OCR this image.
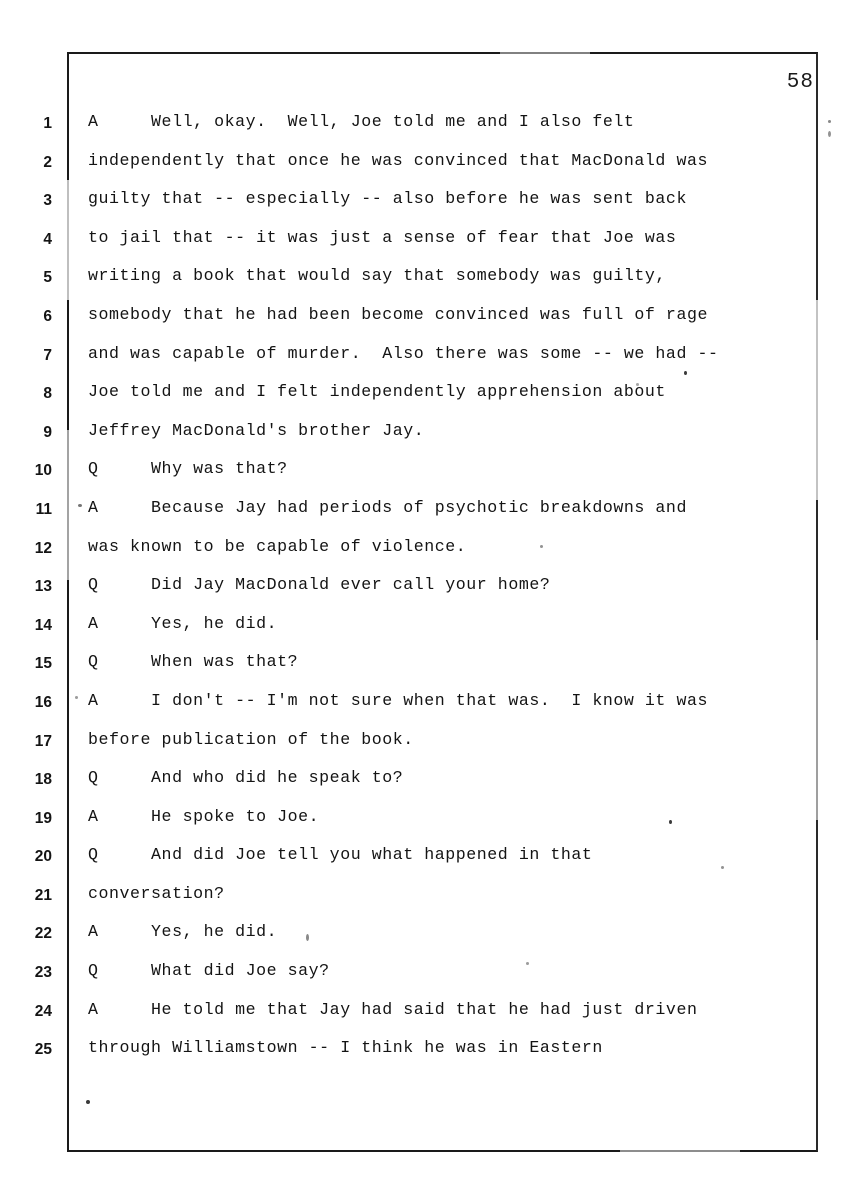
58
1 A     Well, okay.  Well, Joe told me and I also felt
2 independently that once he was convinced that MacDonald was
3 guilty that -- especially -- also before he was sent back
4 to jail that -- it was just a sense of fear that Joe was
5 writing a book that would say that somebody was guilty,
6 somebody that he had been become convinced was full of rage
7 and was capable of murder.  Also there was some -- we had --
8 Joe told me and I felt independently apprehension about
9 Jeffrey MacDonald's brother Jay.
10 Q     Why was that?
11 A     Because Jay had periods of psychotic breakdowns and
12 was known to be capable of violence.
13 Q     Did Jay MacDonald ever call your home?
14 A     Yes, he did.
15 Q     When was that?
16 A     I don't -- I'm not sure when that was.  I know it was
17 before publication of the book.
18 Q     And who did he speak to?
19 A     He spoke to Joe.
20 Q     And did Joe tell you what happened in that
21 conversation?
22 A     Yes, he did.
23 Q     What did Joe say?
24 A     He told me that Jay had said that he had just driven
25 through Williamstown -- I think he was in Eastern
